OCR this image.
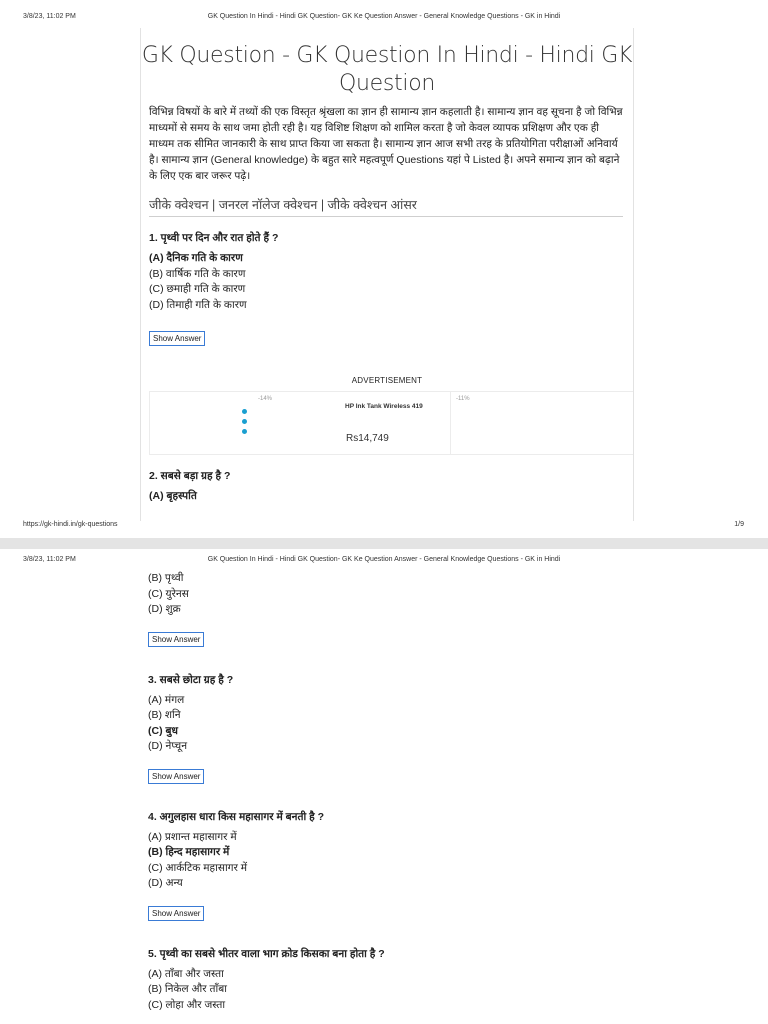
GK Question In Hindi - Hindi GK Question- GK Ke Question Answer - General Knowledge Questions - GK in Hindi
3/8/23, 11:02 PM
GK Question - GK Question In Hindi - Hindi GK Question
विभिन्न विषयों के बारे में तथ्यों की एक विस्तृत श्रृंखला का ज्ञान ही सामान्य ज्ञान कहलाती है। सामान्य ज्ञान वह सूचना है जो विभिन्न माध्यमों से समय के साथ जमा होती रही है। यह विशिष्ट शिक्षण को शामिल करता है जो केवल व्यापक प्रशिक्षण और एक ही माध्यम तक सीमित जानकारी के साथ प्राप्त किया जा सकता है। सामान्य ज्ञान आज सभी तरह के प्रतियोगिता परीक्षाओं अनिवार्य है। सामान्य ज्ञान (General knowledge) के बहुत सारे महत्वपूर्ण Questions यहां पे Listed है। अपने समान्य ज्ञान को बढ़ाने के लिए एक बार जरूर पढ़े।
जीके क्वेश्चन | जनरल नॉलेज क्वेश्चन | जीके क्वेश्चन आंसर
1. पृथ्वी पर दिन और रात होते हैं ?
(A) दैनिक गति के कारण
(B) वार्षिक गति के कारण
(C) छमाही गति के कारण
(D) तिमाही गति के कारण
Show Answer
ADVERTISEMENT
-14%
HP Ink Tank Wireless 419
Rs14,749
-11%
2. सबसे बड़ा ग्रह है ?
(A) बृहस्पति
https://gk-hindi.in/gk-questions	1/9
GK Question In Hindi - Hindi GK Question- GK Ke Question Answer - General Knowledge Questions - GK in Hindi
3/8/23, 11:02 PM
(B) पृथ्वी
(C) युरेनस
(D) शुक्र
Show Answer
3. सबसे छोटा ग्रह है ?
(A) मंगल
(B) शनि
(C) बुध
(D) नेप्चून
Show Answer
4. अगुलहास धारा किस महासागर में बनती है ?
(A) प्रशान्त महासागर में
(B) हिन्द महासागर में
(C) आर्कटिक महासागर में
(D) अन्य
Show Answer
5. पृथ्वी का सबसे भीतर वाला भाग क्रोड किसका बना होता है ?
(A) ताँबा और जस्ता
(B) निकेल और ताँबा
(C) लोहा और जस्ता
